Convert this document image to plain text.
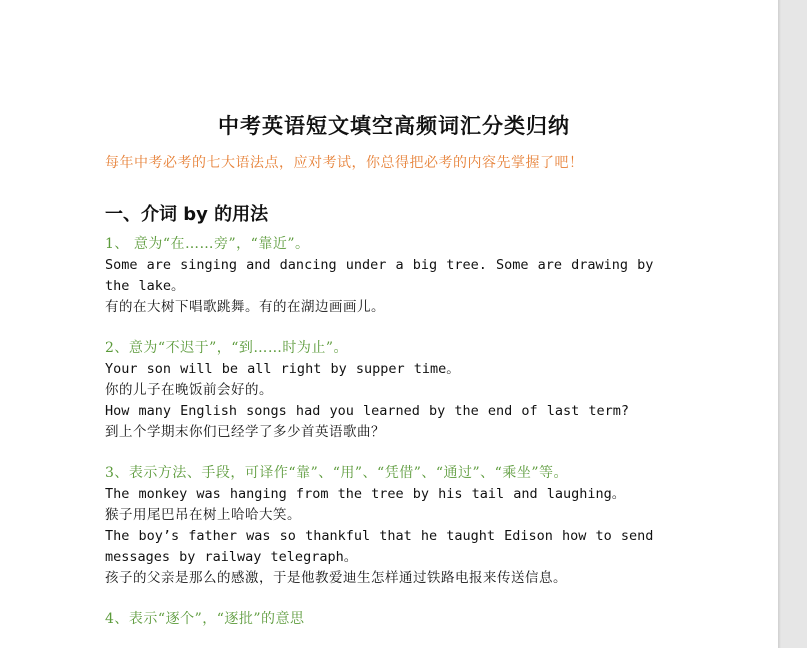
中考英语短文填空高频词汇分类归纳

每年中考必考的七大语法点，应对考试，你总得把必考的内容先掌握了吧！

一、介词 by 的用法

1、 意为“在……旁”，“靠近”。

Some are singing and dancing under a big tree. Some are drawing by the lake。

有的在大树下唱歌跳舞。有的在湖边画画儿。

2、意为“不迟于”，“到……时为止”。

Your son will be all right by supper time。

你的儿子在晚饭前会好的。

How many English songs had you learned by the end of last term?

到上个学期末你们已经学了多少首英语歌曲？

3、表示方法、手段，可译作“靠”、“用”、“凭借”、“通过”、“乘坐”等。

The monkey was hanging from the tree by his tail and laughing。

猴子用尾巴吊在树上哈哈大笑。

The boy’s father was so thankful that he taught Edison how to send messages by railway telegraph。

孩子的父亲是那么的感激，于是他教爱迪生怎样通过铁路电报来传送信息。

4、表示“逐个”，“逐批”的意思
